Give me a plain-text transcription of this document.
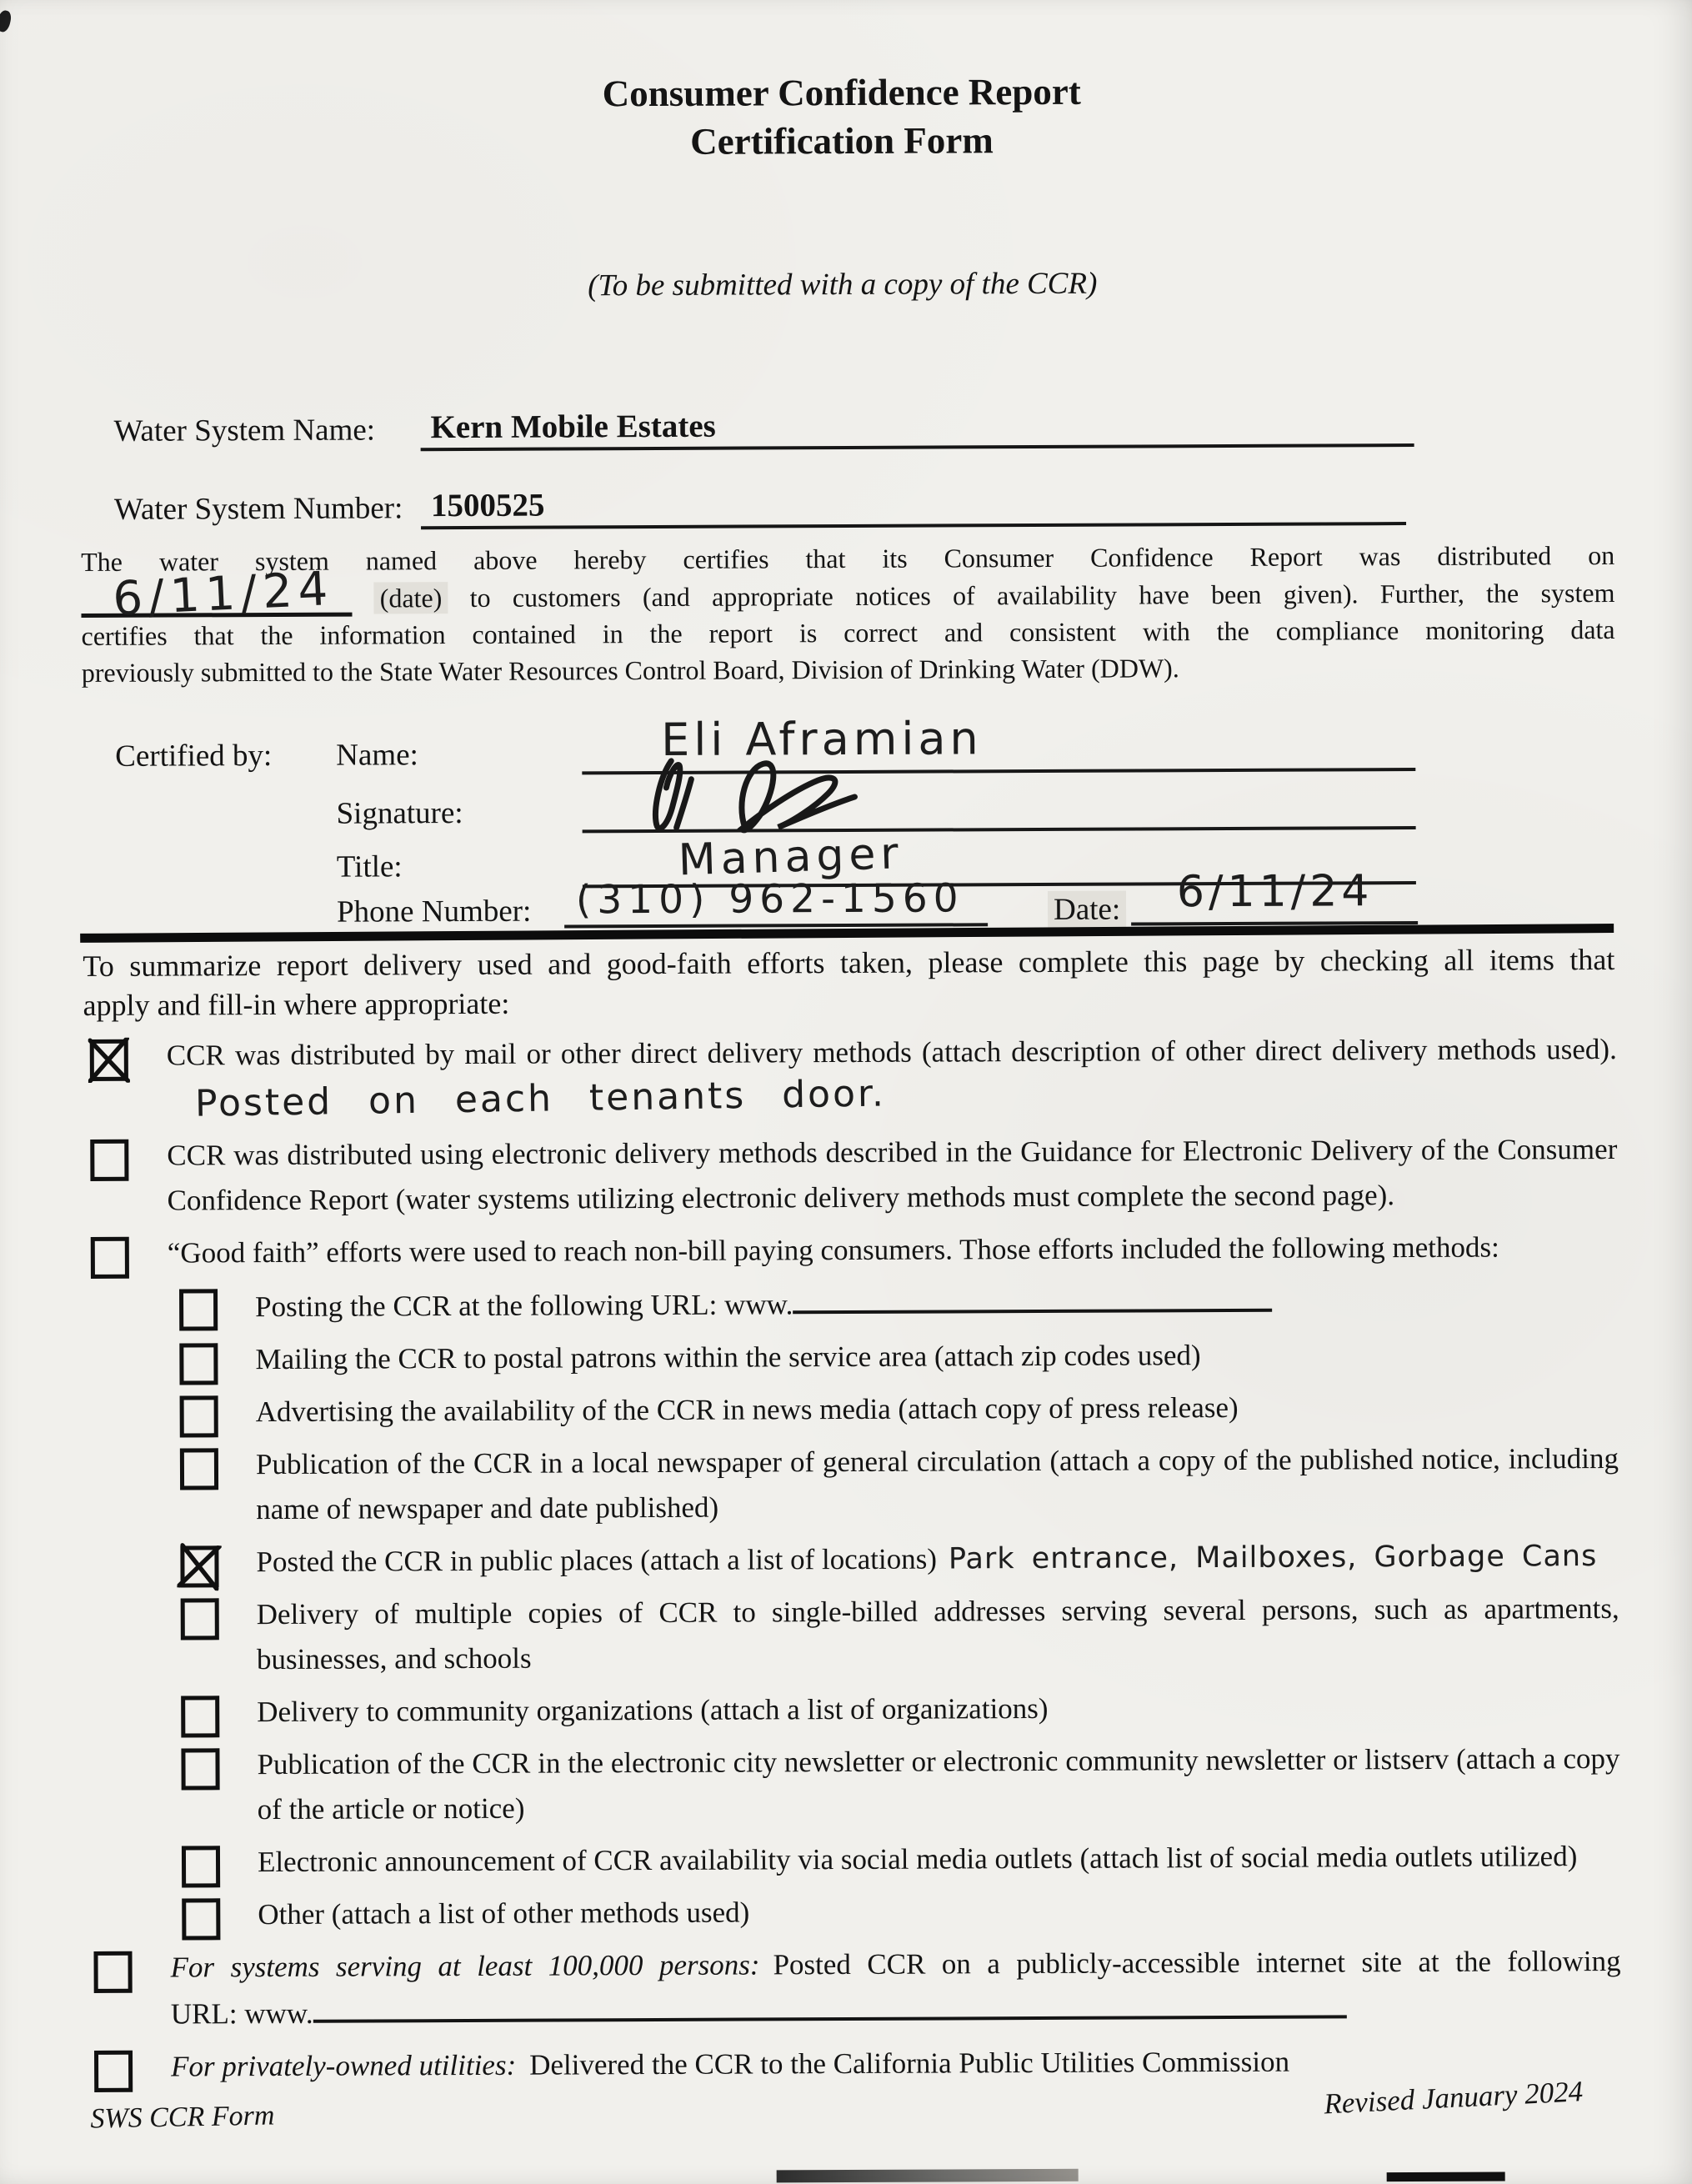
Consumer Confidence Report
Certification Form
(To be submitted with a copy of the CCR)
Water System Name:	Kern Mobile Estates
Water System Number: 1500525
The water system named above hereby certifies that its Consumer Confidence Report was distributed on
6/11/24 (date) to customers (and appropriate notices of availability have been given). Further, the system
certifies that the information contained in the report is correct and consistent with the compliance monitoring data
previously submitted to the State Water Resources Control Board, Division of Drinking Water (DDW).
Certified by: Name:	Eli Aframian
Signature:
Title:	Manager
Phone Number: (310) 962-1560	Date: 6/11/24
To summarize report delivery used and good-faith efforts taken, please complete this page by checking all items that
apply and fill-in where appropriate:
CCR was distributed by mail or other direct delivery methods (attach description of other direct delivery methods used).Posted on each tenants door.
CCR was distributed using electronic delivery methods described in the Guidance for Electronic Delivery of the Consumer Confidence Report (water systems utilizing electronic delivery methods must complete the second page).
“Good faith” efforts were used to reach non-bill paying consumers. Those efforts included the following methods:
Posting the CCR at the following URL: www.
Mailing the CCR to postal patrons within the service area (attach zip codes used)
Advertising the availability of the CCR in news media (attach copy of press release)
Publication of the CCR in a local newspaper of general circulation (attach a copy of the published notice, including name of newspaper and date published)
Posted the CCR in public places (attach a list of locations) Park entrance, Mailboxes, Gorbage Cans
Delivery of multiple copies of CCR to single-billed addresses serving several persons, such as apartments, businesses, and schools
Delivery to community organizations (attach a list of organizations)
Publication of the CCR in the electronic city newsletter or electronic community newsletter or listserv (attach a copy of the article or notice)
Electronic announcement of CCR availability via social media outlets (attach list of social media outlets utilized)
Other (attach a list of other methods used)
For systems serving at least 100,000 persons: Posted CCR on a publicly-accessible internet site at the following
URL: www.
For privately-owned utilities: Delivered the CCR to the California Public Utilities Commission
SWS CCR Form	Revised January 2024
